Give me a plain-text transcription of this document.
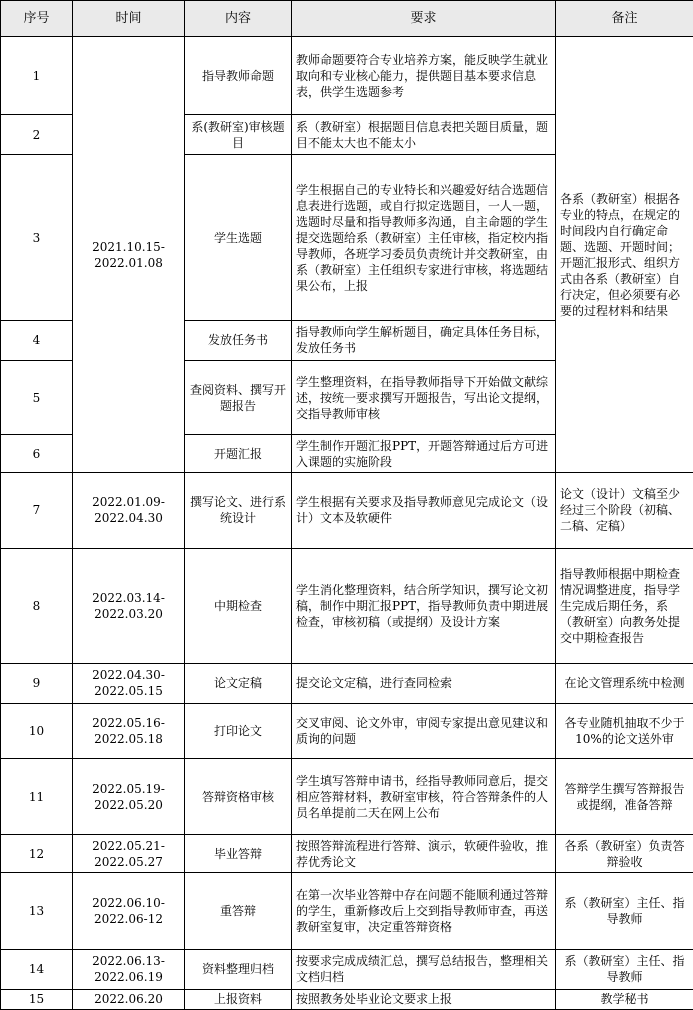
序号	时间	内容	要求	备注
1	2021.10.15-2022.01.08	指导教师命题	教师命题要符合专业培养方案，能反映学生就业取向和专业核心能力，提供题目基本要求信息表，供学生选题参考	各系（教研室）根据各专业的特点，在规定的时间段内自行确定命题、选题、开题时间；开题汇报形式、组织方式由各系（教研室）自行决定，但必须要有必要的过程材料和结果
2		系(教研室)审核题目	系（教研室）根据题目信息表把关题目质量，题目不能太大也不能太小	
3		学生选题	学生根据自己的专业特长和兴趣爱好结合选题信息表进行选题，或自行拟定选题目，一人一题，选题时尽量和指导教师多沟通，自主命题的学生提交选题给系（教研室）主任审核，指定校内指导教师，各班学习委员负责统计并交教研室，由系（教研室）主任组织专家进行审核，将选题结果公布，上报	
4		发放任务书	指导教师向学生解析题目，确定具体任务目标，发放任务书	
5		查阅资料、撰写开题报告	学生整理资料，在指导教师指导下开始做文献综述，按统一要求撰写开题报告，写出论文提纲，交指导教师审核	
6		开题汇报	学生制作开题汇报PPT，开题答辩通过后方可进入课题的实施阶段	
7	2022.01.09-2022.04.30	撰写论文、进行系统设计	学生根据有关要求及指导教师意见完成论文（设计）文本及软硬件	论文（设计）文稿至少经过三个阶段（初稿、二稿、定稿）
8	2022.03.14-2022.03.20	中期检查	学生消化整理资料，结合所学知识，撰写论文初稿，制作中期汇报PPT，指导教师负责中期进展检查，审核初稿（或提纲）及设计方案	指导教师根据中期检查情况调整进度，指导学生完成后期任务，系（教研室）向教务处提交中期检查报告
9	2022.04.30-2022.05.15	论文定稿	提交论文定稿，进行查同检索	在论文管理系统中检测
10	2022.05.16-2022.05.18	打印论文	交叉审阅、论文外审，审阅专家提出意见建议和质询的问题	各专业随机抽取不少于10%的论文送外审
11	2022.05.19-2022.05.20	答辩资格审核	学生填写答辩申请书，经指导教师同意后，提交相应答辩材料，教研室审核，符合答辩条件的人员名单提前二天在网上公布	答辩学生撰写答辩报告或提纲，准备答辩
12	2022.05.21-2022.05.27	毕业答辩	按照答辩流程进行答辩、演示，软硬件验收，推荐优秀论文	各系（教研室）负责答辩验收
13	2022.06.10-2022.06-12	重答辩	在第一次毕业答辩中存在问题不能顺利通过答辩的学生，重新修改后上交到指导教师审查，再送教研室复审，决定重答辩资格	系（教研室）主任、指导教师
14	2022.06.13-2022.06.19	资料整理归档	按要求完成成绩汇总，撰写总结报告，整理相关文档归档	系（教研室）主任、指导教师
15	2022.06.20	上报资料	按照教务处毕业论文要求上报	教学秘书
